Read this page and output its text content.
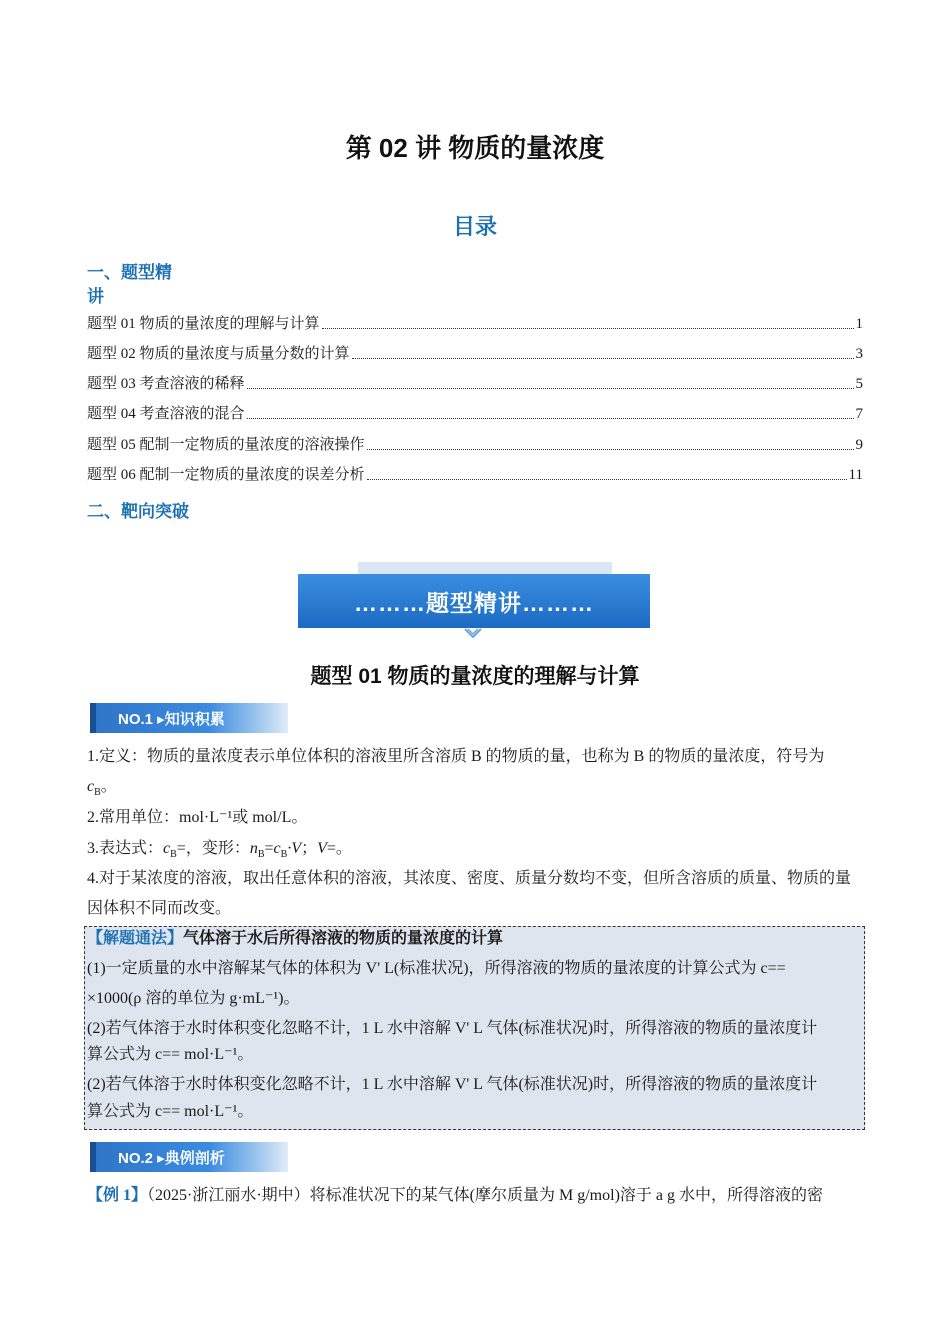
第 02 讲 物质的量浓度
目录
一、题型精
讲
题型 01 物质的量浓度的理解与计算	1
题型 02 物质的量浓度与质量分数的计算	3
题型 03 考查溶液的稀释	5
题型 04 考查溶液的混合	7
题型 05 配制一定物质的量浓度的溶液操作	9
题型 06 配制一定物质的量浓度的误差分析	11
二、靶向突破
………题型精讲………
题型 01 物质的量浓度的理解与计算
NO.1 ▸知识积累
1.定义：物质的量浓度表示单位体积的溶液里所含溶质 B 的物质的量，也称为 B 的物质的量浓度，符号为
$c_B$。
2.常用单位：mol·L⁻¹或 mol/L。
3.表达式：$c_B=$，变形：$n_B=c_B\cdot V$；V=。
4.对于某浓度的溶液，取出任意体积的溶液，其浓度、密度、质量分数均不变，但所含溶质的质量、物质的量因体积不同而改变。
【解题通法】气体溶于水后所得溶液的物质的量浓度的计算
(1)一定质量的水中溶解某气体的体积为 V' L(标准状况)，所得溶液的物质的量浓度的计算公式为 c==
×1000(ρ 溶的单位为 g·mL⁻¹)。
(2)若气体溶于水时体积变化忽略不计，1 L 水中溶解 V' L 气体(标准状况)时，所得溶液的物质的量浓度计
算公式为 c== mol·L⁻¹。
(2)若气体溶于水时体积变化忽略不计，1 L 水中溶解 V' L 气体(标准状况)时，所得溶液的物质的量浓度计
算公式为 c== mol·L⁻¹。
NO.2 ▸典例剖析
【例 1】（2025·浙江丽水·期中）将标准状况下的某气体(摩尔质量为 M g/mol)溶于 a g 水中，所得溶液的密
